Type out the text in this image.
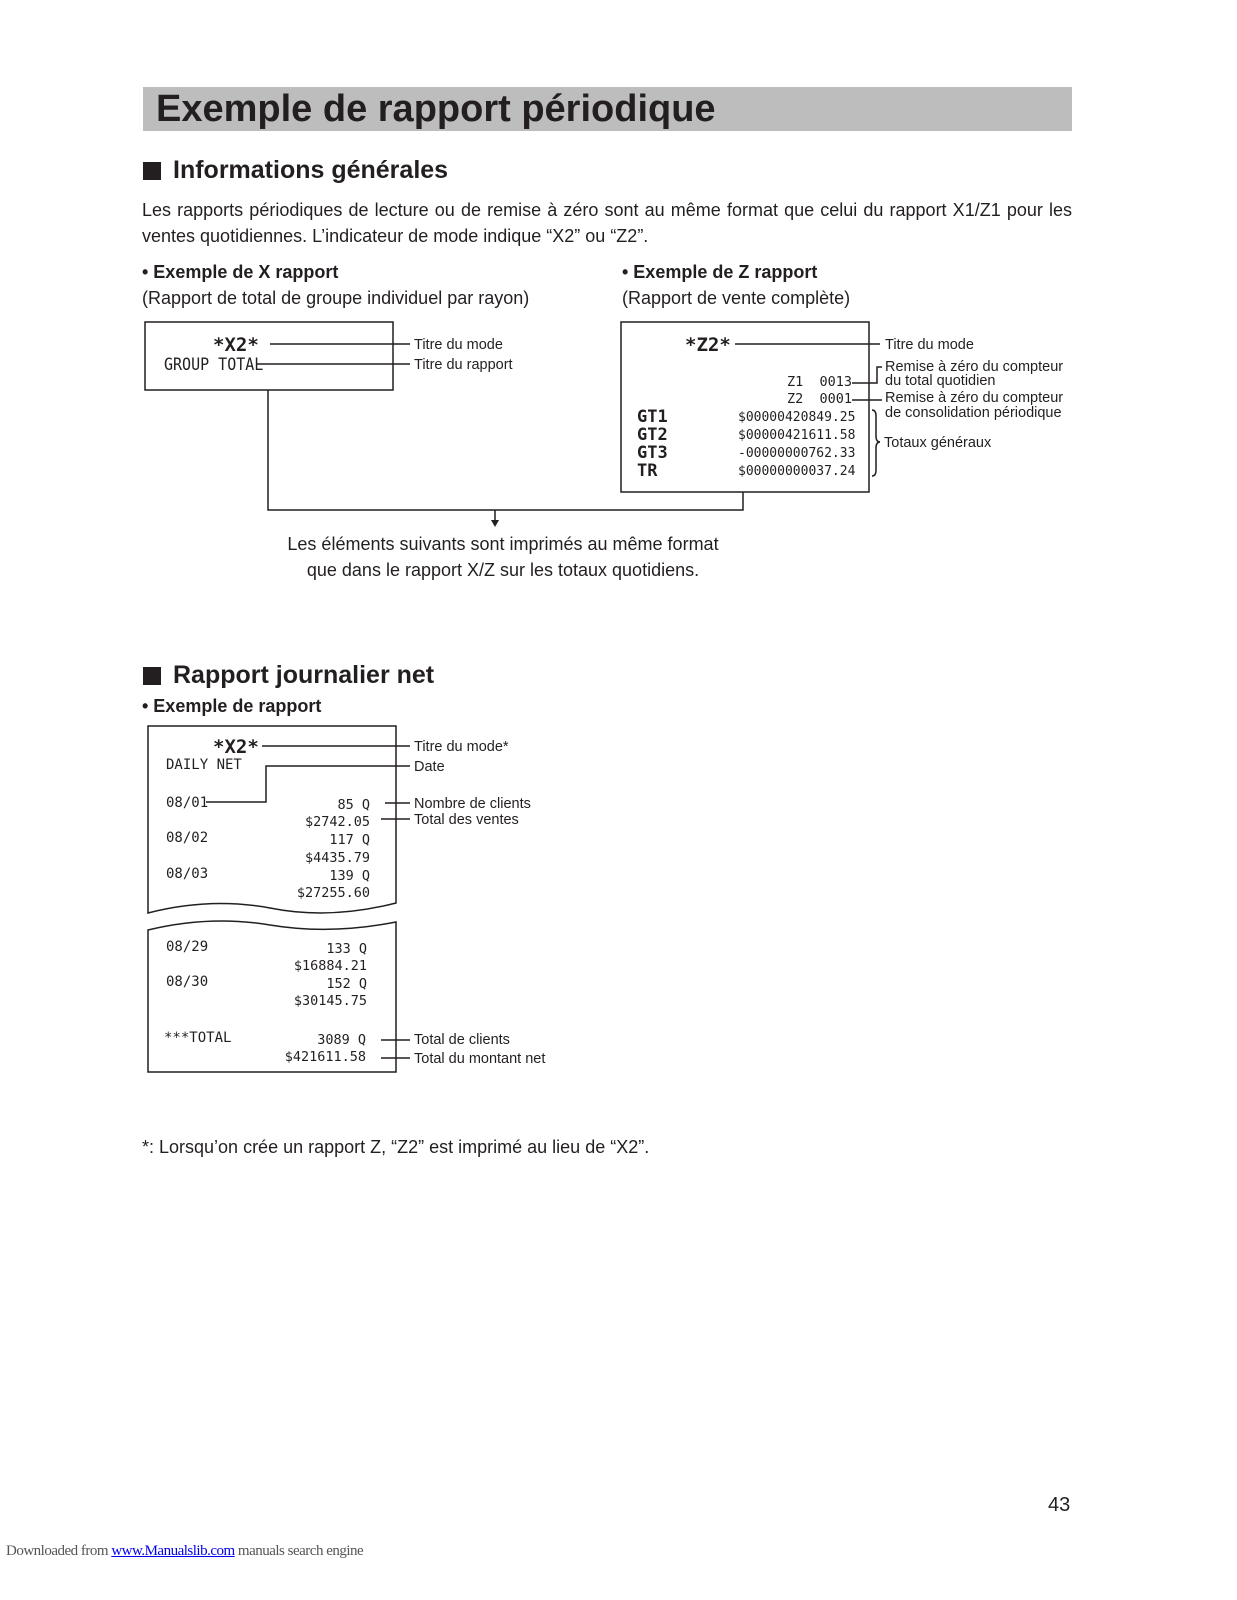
Exemple de rapport périodique
Informations générales
Les rapports périodiques de lecture ou de remise à zéro sont au même format que celui du rapport X1/Z1 pour les ventes quotidiennes. L’indicateur de mode indique “X2” ou “Z2”.
• Exemple de X rapport
(Rapport de total de groupe individuel par rayon)
• Exemple de Z rapport
(Rapport de vente complète)
*X2*
GROUP TOTAL
Titre du mode
Titre du rapport
*Z2*
Z1  0013
Z2  0001
GT1	$00000420849.25
GT2	$00000421611.58
GT3	-00000000762.33
TR	$00000000037.24
Titre du mode
Remise à zéro du compteur
du total quotidien
Remise à zéro du compteur
de consolidation périodique
Totaux généraux
Les éléments suivants sont imprimés au même format
que dans le rapport X/Z sur les totaux quotidiens.
Rapport journalier net
• Exemple de rapport
*X2*
DAILY NET
08/01	85 Q
$2742.05
08/02	117 Q
$4435.79
08/03	139 Q
$27255.60
08/29	133 Q
$16884.21
08/30	152 Q
$30145.75
***TOTAL	3089 Q
$421611.58
Titre du mode*
Date
Nombre de clients
Total des ventes
Total de clients
Total du montant net
*: Lorsqu’on crée un rapport Z, “Z2” est imprimé au lieu de “X2”.
43
Downloaded from www.Manualslib.com manuals search engine
